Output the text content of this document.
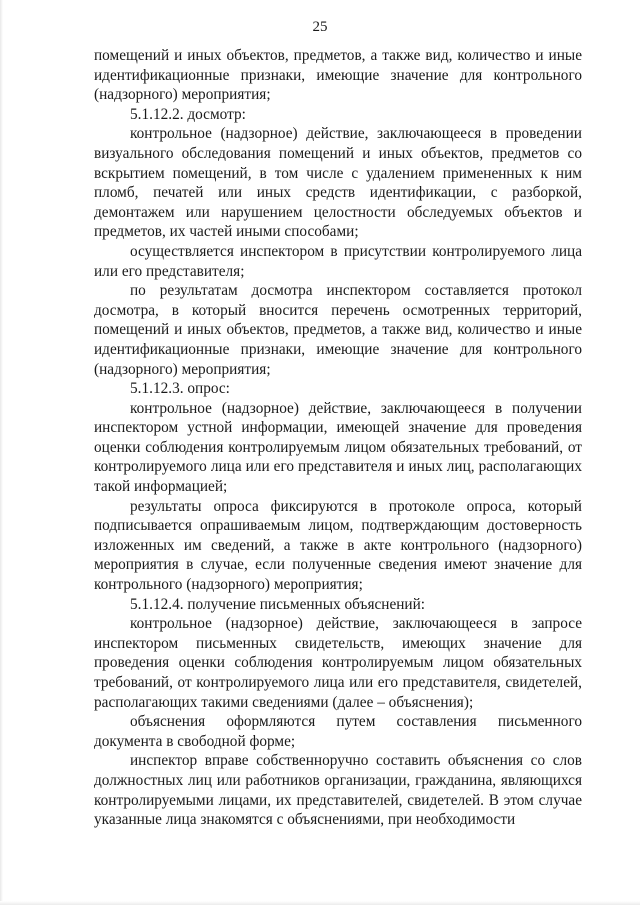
25

помещений и иных объектов, предметов, а также вид, количество и иные идентификационные признаки, имеющие значение для контрольного (надзорного) мероприятия;

5.1.12.2. досмотр:

контрольное (надзорное) действие, заключающееся в проведении визуального обследования помещений и иных объектов, предметов со вскрытием помещений, в том числе с удалением примененных к ним пломб, печатей или иных средств идентификации, с разборкой, демонтажем или нарушением целостности обследуемых объектов и предметов, их частей иными способами;

осуществляется инспектором в присутствии контролируемого лица или его представителя;

по результатам досмотра инспектором составляется протокол досмотра, в который вносится перечень осмотренных территорий, помещений и иных объектов, предметов, а также вид, количество и иные идентификационные признаки, имеющие значение для контрольного (надзорного) мероприятия;

5.1.12.3. опрос:

контрольное (надзорное) действие, заключающееся в получении инспектором устной информации, имеющей значение для проведения оценки соблюдения контролируемым лицом обязательных требований, от контролируемого лица или его представителя и иных лиц, располагающих такой информацией;

результаты опроса фиксируются в протоколе опроса, который подписывается опрашиваемым лицом, подтверждающим достоверность изложенных им сведений, а также в акте контрольного (надзорного) мероприятия в случае, если полученные сведения имеют значение для контрольного (надзорного) мероприятия;

5.1.12.4. получение письменных объяснений:

контрольное (надзорное) действие, заключающееся в запросе инспектором письменных свидетельств, имеющих значение для проведения оценки соблюдения контролируемым лицом обязательных требований, от контролируемого лица или его представителя, свидетелей, располагающих такими сведениями (далее – объяснения);

объяснения оформляются путем составления письменного документа в свободной форме;

инспектор вправе собственноручно составить объяснения со слов должностных лиц или работников организации, гражданина, являющихся контролируемыми лицами, их представителей, свидетелей. В этом случае указанные лица знакомятся с объяснениями, при необходимости
